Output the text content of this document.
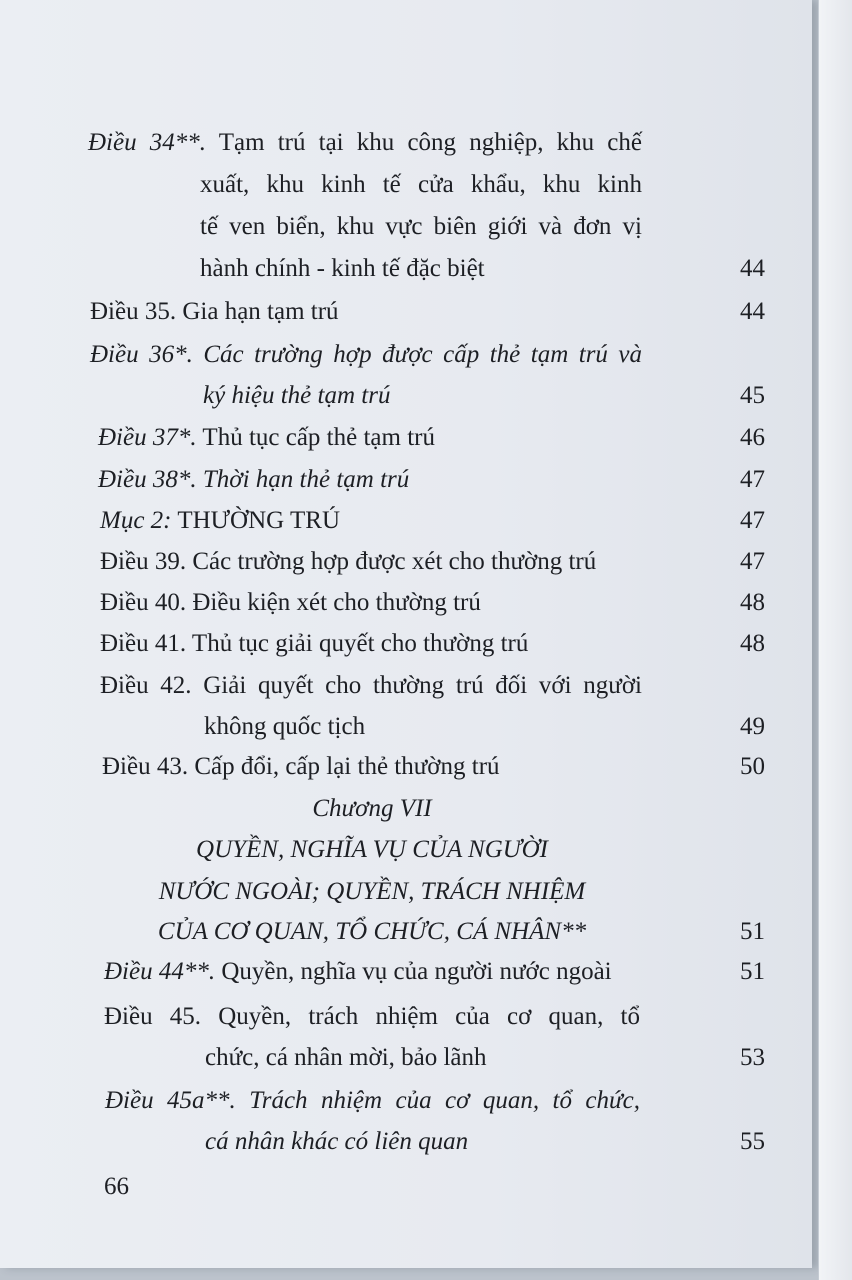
Điều 34**. Tạm trú tại khu công nghiệp, khu chế
xuất, khu kinh tế cửa khẩu, khu kinh
tế ven biển, khu vực biên giới và đơn vị
hành chính - kinh tế đặc biệt	44
Điều 35. Gia hạn tạm trú	44
Điều 36*. Các trường hợp được cấp thẻ tạm trú và
ký hiệu thẻ tạm trú	45
Điều 37*. Thủ tục cấp thẻ tạm trú	46
Điều 38*. Thời hạn thẻ tạm trú	47
Mục 2: THƯỜNG TRÚ	47
Điều 39. Các trường hợp được xét cho thường trú	47
Điều 40. Điều kiện xét cho thường trú	48
Điều 41. Thủ tục giải quyết cho thường trú	48
Điều 42. Giải quyết cho thường trú đối với người
không quốc tịch	49
Điều 43. Cấp đổi, cấp lại thẻ thường trú	50
Chương VII
QUYỀN, NGHĨA VỤ CỦA NGƯỜI
NƯỚC NGOÀI; QUYỀN, TRÁCH NHIỆM
CỦA CƠ QUAN, TỔ CHỨC, CÁ NHÂN**	51
Điều 44**. Quyền, nghĩa vụ của người nước ngoài	51
Điều 45. Quyền, trách nhiệm của cơ quan, tổ
chức, cá nhân mời, bảo lãnh	53
Điều 45a**. Trách nhiệm của cơ quan, tổ chức,
cá nhân khác có liên quan	55
66
